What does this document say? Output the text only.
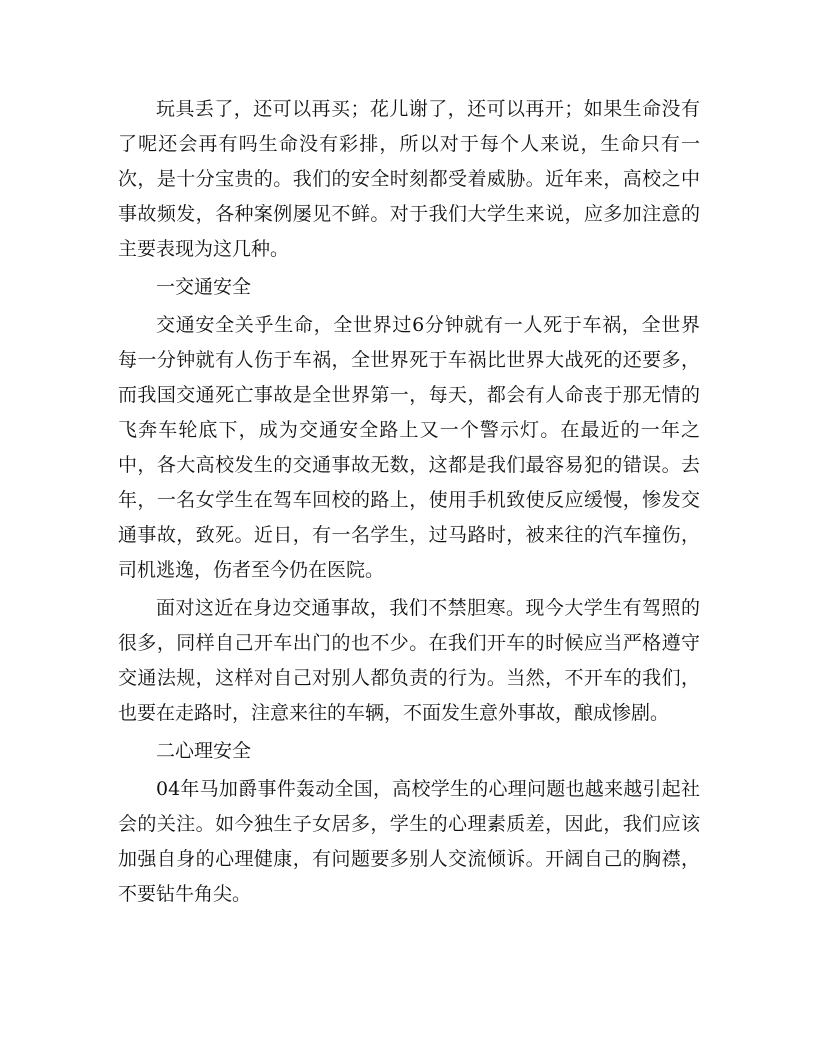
玩具丢了，还可以再买；花儿谢了，还可以再开；如果生命没有了呢还会再有吗生命没有彩排，所以对于每个人来说，生命只有一次，是十分宝贵的。我们的安全时刻都受着威胁。近年来，高校之中事故频发，各种案例屡见不鲜。对于我们大学生来说，应多加注意的主要表现为这几种。

一交通安全

交通安全关乎生命，全世界过6分钟就有一人死于车祸，全世界每一分钟就有人伤于车祸，全世界死于车祸比世界大战死的还要多，而我国交通死亡事故是全世界第一，每天，都会有人命丧于那无情的飞奔车轮底下，成为交通安全路上又一个警示灯。在最近的一年之中，各大高校发生的交通事故无数，这都是我们最容易犯的错误。去年，一名女学生在驾车回校的路上，使用手机致使反应缓慢，惨发交通事故，致死。近日，有一名学生，过马路时，被来往的汽车撞伤，司机逃逸，伤者至今仍在医院。

面对这近在身边交通事故，我们不禁胆寒。现今大学生有驾照的很多，同样自己开车出门的也不少。在我们开车的时候应当严格遵守交通法规，这样对自己对别人都负责的行为。当然，不开车的我们，也要在走路时，注意来往的车辆，不面发生意外事故，酿成惨剧。

二心理安全

04年马加爵事件轰动全国，高校学生的心理问题也越来越引起社会的关注。如今独生子女居多，学生的心理素质差，因此，我们应该加强自身的心理健康，有问题要多别人交流倾诉。开阔自己的胸襟，不要钻牛角尖。
